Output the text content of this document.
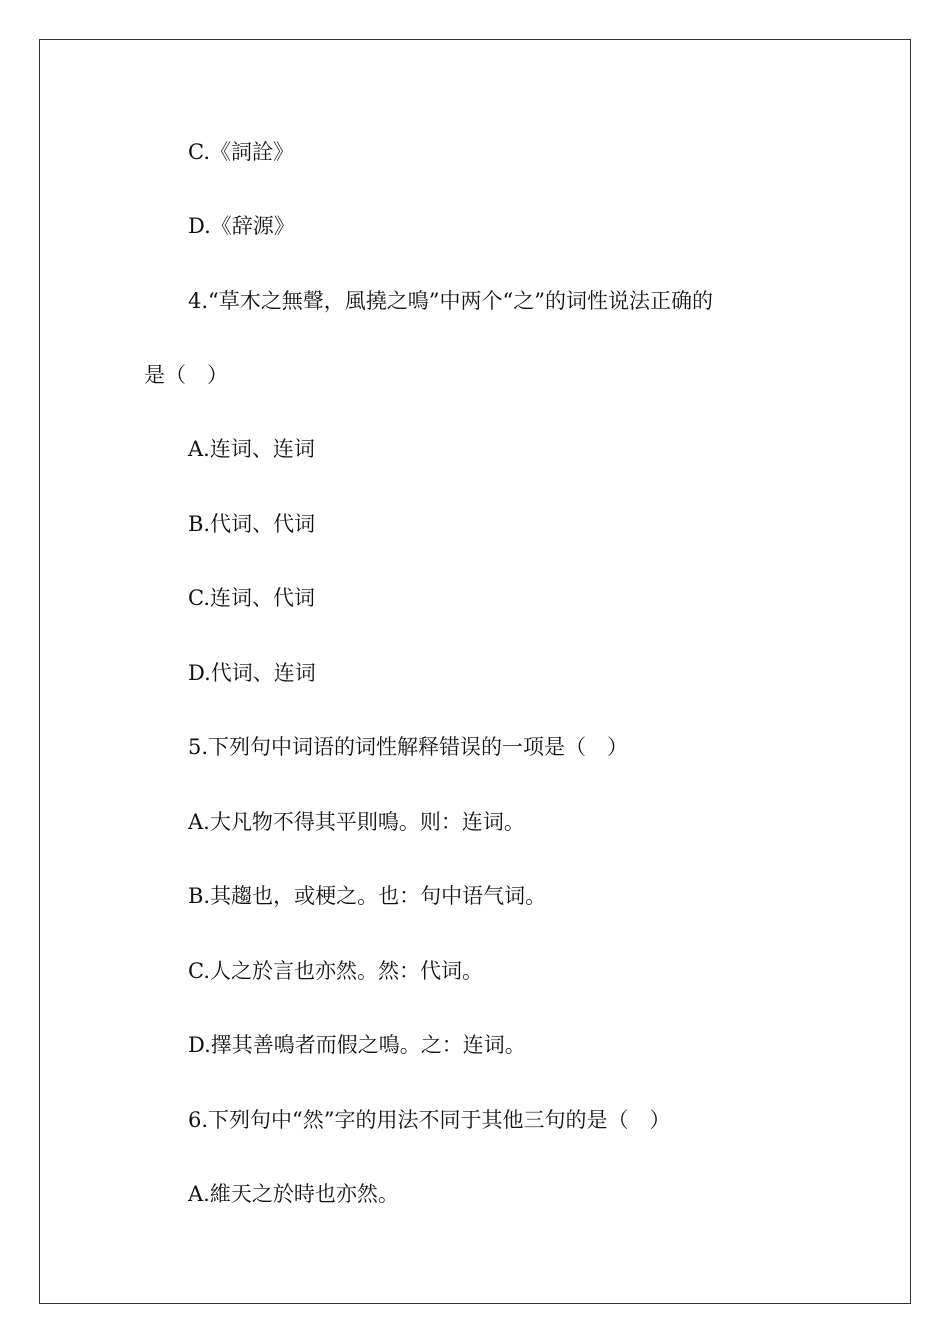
C.《詞詮》
D.《辞源》
4.“草木之無聲，風撓之鳴”中两个“之”的词性说法正确的
是（　）
A.连词、连词
B.代词、代词
C.连词、代词
D.代词、连词
5.下列句中词语的词性解释错误的一项是（　）
A.大凡物不得其平則鳴。则：连词。
B.其趨也，或梗之。也：句中语气词。
C.人之於言也亦然。然：代词。
D.擇其善鳴者而假之鳴。之：连词。
6.下列句中“然”字的用法不同于其他三句的是（　）
A.維天之於時也亦然。
